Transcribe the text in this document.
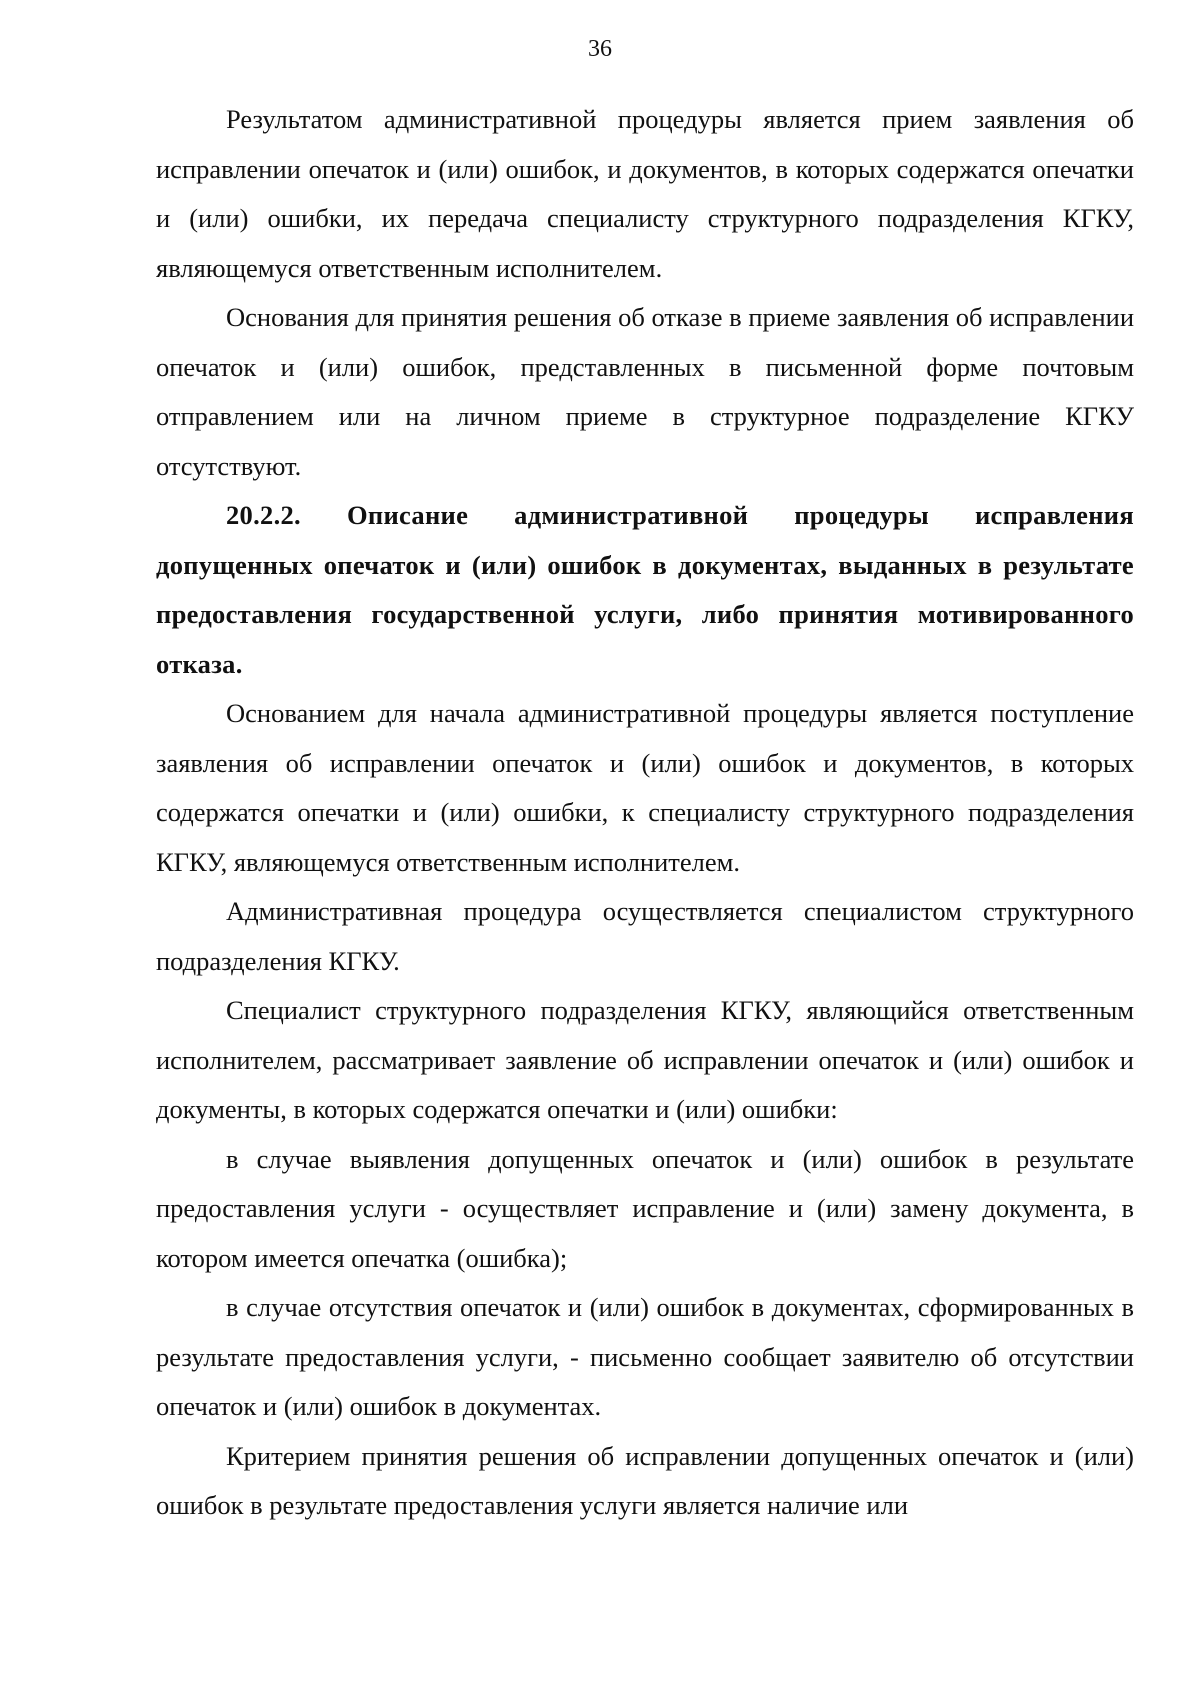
36

Результатом административной процедуры является прием заявления об исправлении опечаток и (или) ошибок, и документов, в которых содержатся опечатки и (или) ошибки, их передача специалисту структурного подразделения КГКУ, являющемуся ответственным исполнителем.

Основания для принятия решения об отказе в приеме заявления об исправлении опечаток и (или) ошибок, представленных в письменной форме почтовым отправлением или на личном приеме в структурное подразделение КГКУ отсутствуют.

20.2.2. Описание административной процедуры исправления допущенных опечаток и (или) ошибок в документах, выданных в результате предоставления государственной услуги, либо принятия мотивированного отказа.

Основанием для начала административной процедуры является поступление заявления об исправлении опечаток и (или) ошибок и документов, в которых содержатся опечатки и (или) ошибки, к специалисту структурного подразделения КГКУ, являющемуся ответственным исполнителем.

Административная процедура осуществляется специалистом структурного подразделения КГКУ.

Специалист структурного подразделения КГКУ, являющийся ответственным исполнителем, рассматривает заявление об исправлении опечаток и (или) ошибок и документы, в которых содержатся опечатки и (или) ошибки:

в случае выявления допущенных опечаток и (или) ошибок в результате предоставления услуги - осуществляет исправление и (или) замену документа, в котором имеется опечатка (ошибка);

в случае отсутствия опечаток и (или) ошибок в документах, сформированных в результате предоставления услуги, - письменно сообщает заявителю об отсутствии опечаток и (или) ошибок в документах.

Критерием принятия решения об исправлении допущенных опечаток и (или) ошибок в результате предоставления услуги является наличие или
